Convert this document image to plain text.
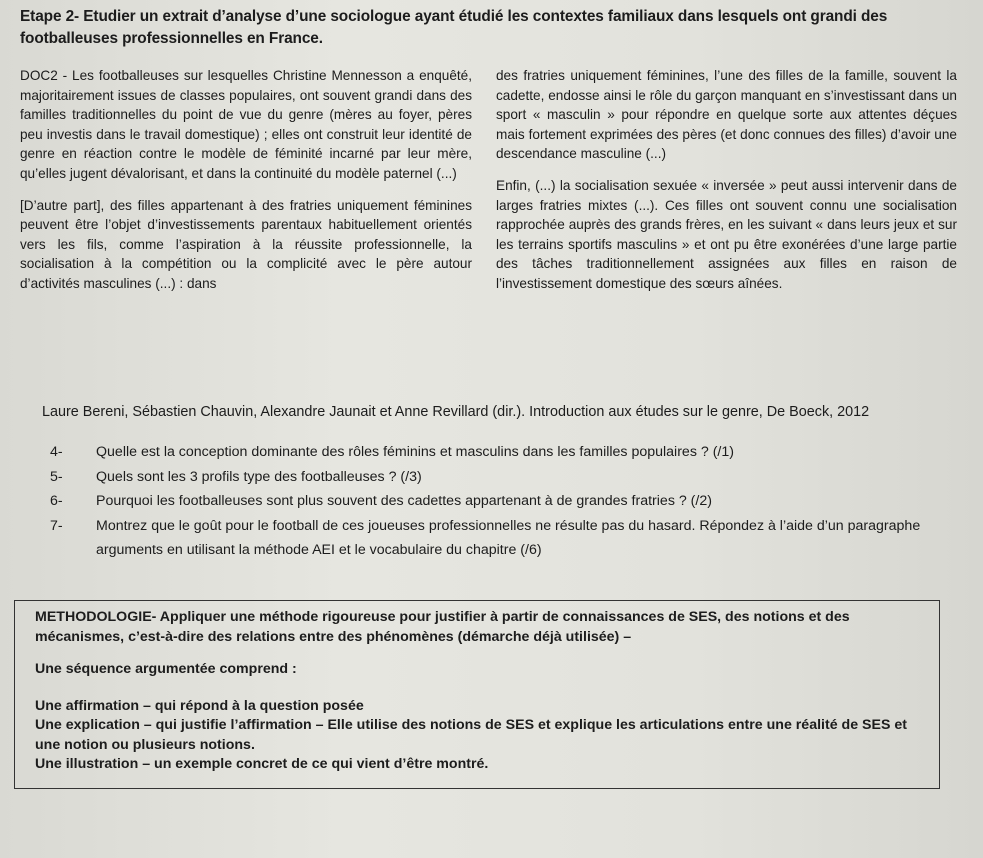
Etape 2- Etudier un extrait d’analyse d’une sociologue ayant étudié les contextes familiaux dans lesquels ont grandi des footballeuses professionnelles en France.

DOC2 - Les footballeuses sur lesquelles Christine Mennesson a enquêté, majoritairement issues de classes populaires, ont souvent grandi dans des familles traditionnelles du point de vue du genre (mères au foyer, pères peu investis dans le travail domestique) ; elles ont construit leur identité de genre en réaction contre le modèle de féminité incarné par leur mère, qu’elles jugent dévalorisant, et dans la continuité du modèle paternel (...)

[D’autre part], des filles appartenant à des fratries uniquement féminines peuvent être l’objet d’investissements parentaux habituellement orientés vers les fils, comme l’aspiration à la réussite professionnelle, la socialisation à la compétition ou la complicité avec le père autour d’activités masculines (...) : dans

des fratries uniquement féminines, l’une des filles de la famille, souvent la cadette, endosse ainsi le rôle du garçon manquant en s’investissant dans un sport « masculin » pour répondre en quelque sorte aux attentes déçues mais fortement exprimées des pères (et donc connues des filles) d’avoir une descendance masculine (...)

Enfin, (...) la socialisation sexuée « inversée » peut aussi intervenir dans de larges fratries mixtes (...). Ces filles ont souvent connu une socialisation rapprochée auprès des grands frères, en les suivant « dans leurs jeux et sur les terrains sportifs masculins » et ont pu être exonérées d’une large partie des tâches traditionnellement assignées aux filles en raison de l’investissement domestique des sœurs aînées.

Laure Bereni, Sébastien Chauvin, Alexandre Jaunait et Anne Revillard (dir.). Introduction aux études sur le genre, De Boeck, 2012
4-	Quelle est la conception dominante des rôles féminins et masculins dans les familles populaires ? (/1)
5-	Quels sont les 3 profils type des footballeuses ? (/3)
6-	Pourquoi les footballeuses sont plus souvent des cadettes appartenant à de grandes fratries ? (/2)
7-	Montrez que le goût pour le football de ces joueuses professionnelles ne résulte pas du hasard. Répondez à l’aide d’un paragraphe arguments en utilisant la méthode AEI et le vocabulaire du chapitre (/6)

METHODOLOGIE- Appliquer une méthode rigoureuse pour justifier à partir de connaissances de SES, des notions et des mécanismes, c’est-à-dire des relations entre des phénomènes (démarche déjà utilisée) –

Une séquence argumentée comprend :

Une affirmation – qui répond à la question posée

Une explication – qui justifie l’affirmation – Elle utilise des notions de SES et explique les articulations entre une réalité de SES et une notion ou plusieurs notions.

Une illustration – un exemple concret de ce qui vient d’être montré.
